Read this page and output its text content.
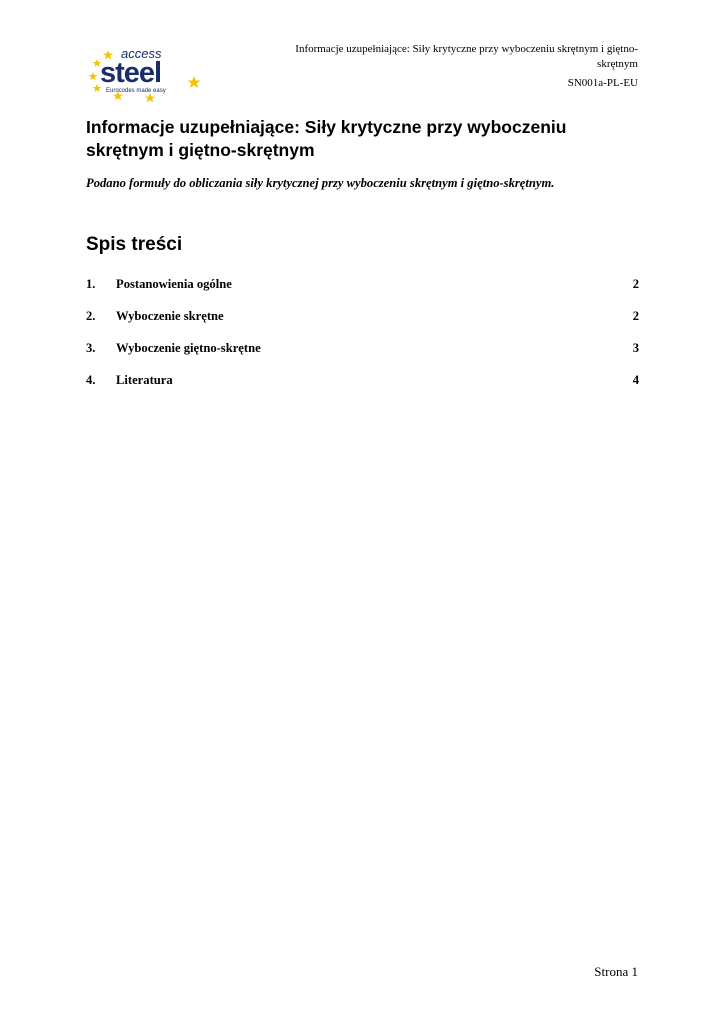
access
steel
Eurocodes made easy
Informacje uzupełniające: Siły krytyczne przy wyboczeniu skrętnym i giętno-
skrętnym
SN001a-PL-EU
Informacje uzupełniające: Siły krytyczne przy wyboczeniu
skrętnym i giętno-skrętnym

Podano formuły do obliczania siły krytycznej przy wyboczeniu skrętnym i giętno-skrętnym.

Spis treści
1. Postanowienia ogólne	2
2. Wyboczenie skrętne	2
3. Wyboczenie giętno-skrętne	3
4. Literatura	4
Strona 1
